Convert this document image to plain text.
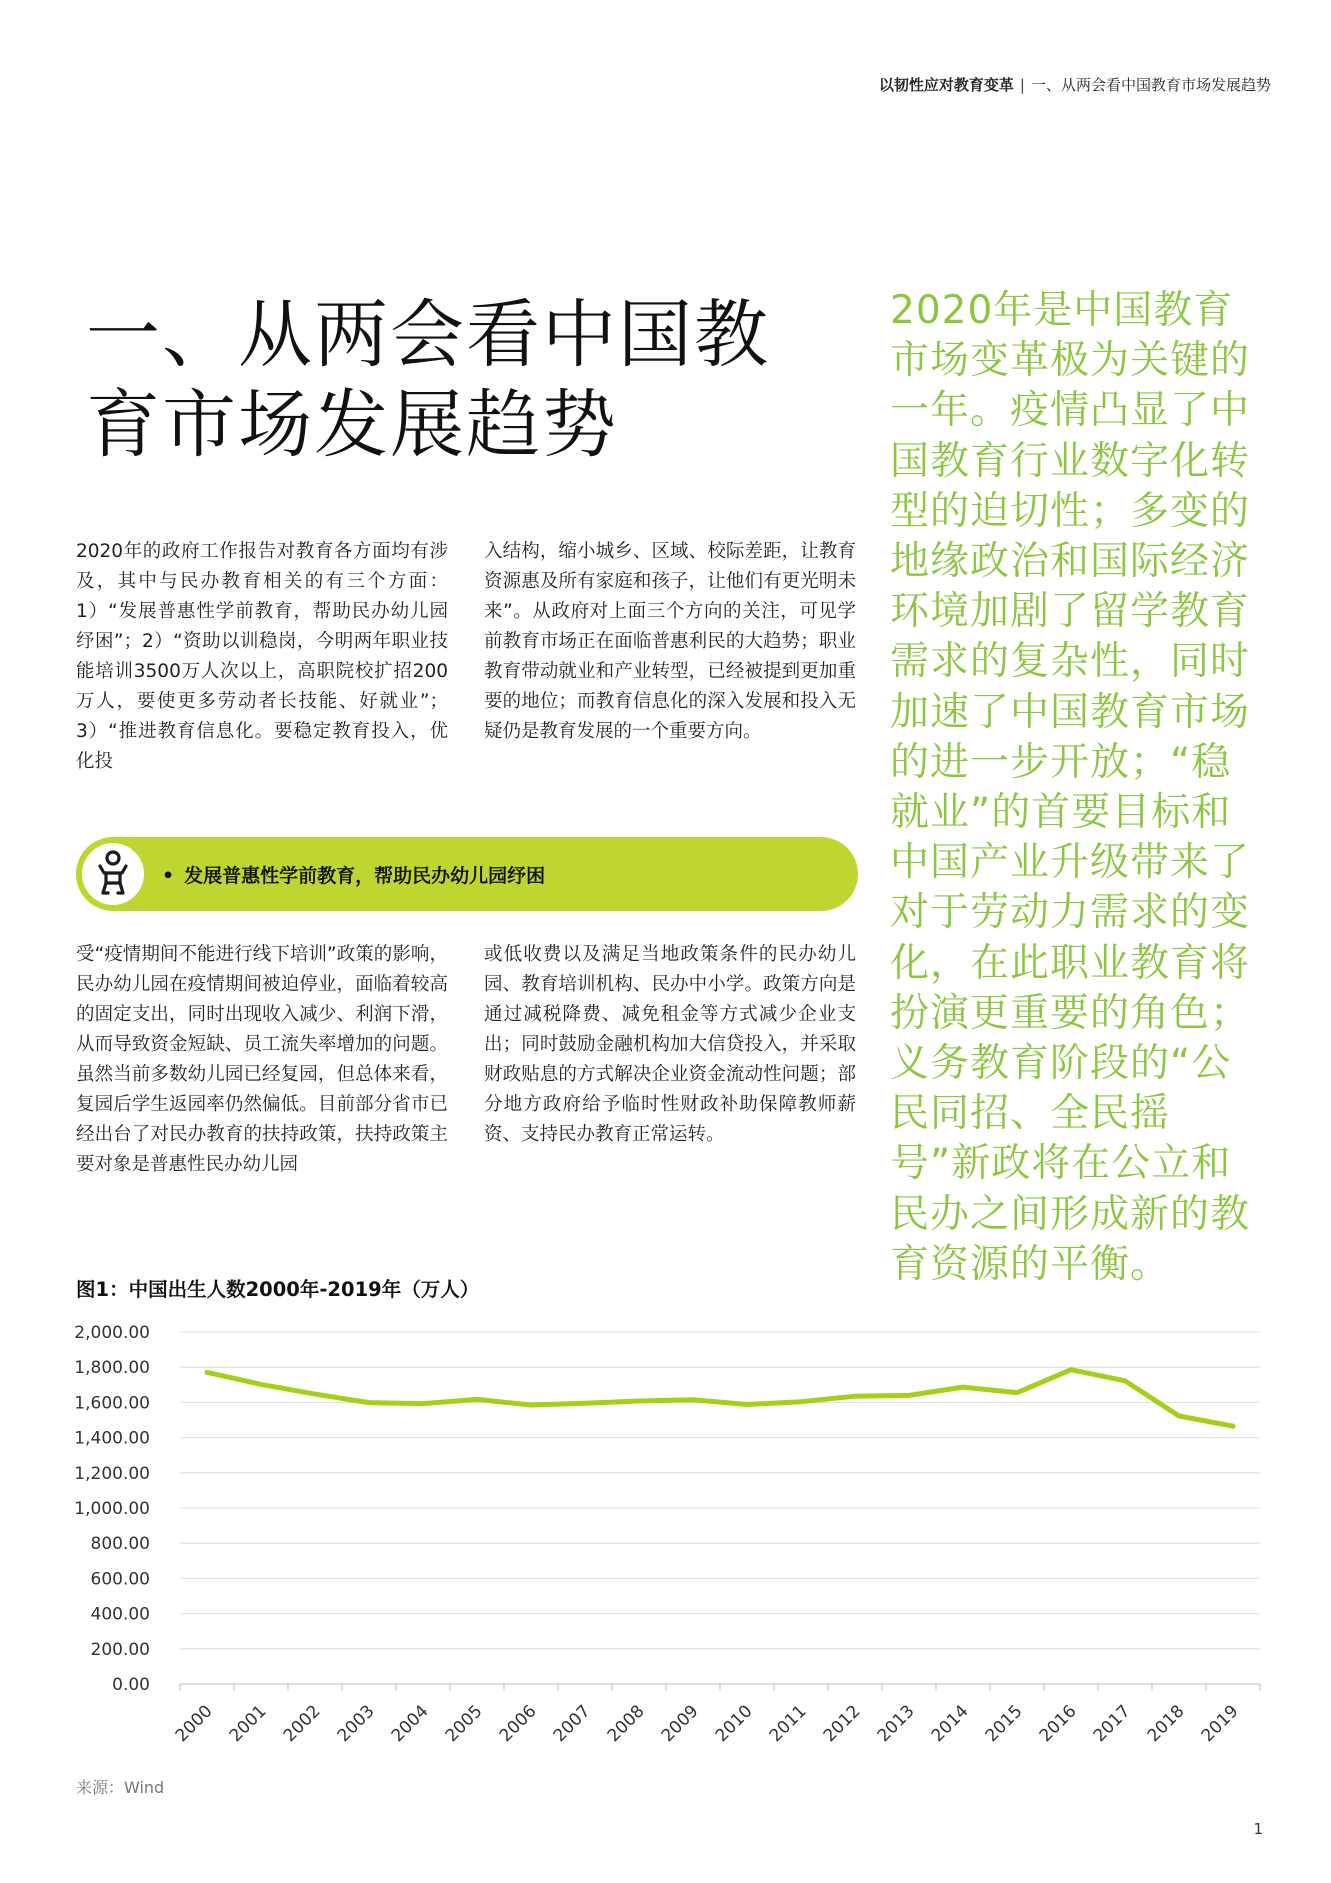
以韧性应对教育变革 | 一、从两会看中国教育市场发展趋势
一、从两会看中国教
育市场发展趋势

2020年是中国教育市场变革极为关键的一年。疫情凸显了中国教育行业数字化转型的迫切性；多变的地缘政治和国际经济环境加剧了留学教育需求的复杂性，同时加速了中国教育市场的进一步开放；“稳就业”的首要目标和中国产业升级带来了对于劳动力需求的变化，在此职业教育将扮演更重要的角色；义务教育阶段的“公民同招、全民摇号”新政将在公立和民办之间形成新的教育资源的平衡。

2020年的政府工作报告对教育各方面均有涉及，其中与民办教育相关的有三个方面：1）“发展普惠性学前教育，帮助民办幼儿园纾困”；2）“资助以训稳岗，今明两年职业技能培训3500万人次以上，高职院校扩招200万人，要使更多劳动者长技能、好就业”；3）“推进教育信息化。要稳定教育投入，优化投

入结构，缩小城乡、区域、校际差距，让教育资源惠及所有家庭和孩子，让他们有更光明未来”。从政府对上面三个方向的关注，可见学前教育市场正在面临普惠利民的大趋势；职业教育带动就业和产业转型，已经被提到更加重要的地位；而教育信息化的深入发展和投入无疑仍是教育发展的一个重要方向。

• 发展普惠性学前教育，帮助民办幼儿园纾困

受“疫情期间不能进行线下培训”政策的影响，民办幼儿园在疫情期间被迫停业，面临着较高的固定支出，同时出现收入减少、利润下滑，从而导致资金短缺、员工流失率增加的问题。虽然当前多数幼儿园已经复园，但总体来看，复园后学生返园率仍然偏低。目前部分省市已经出台了对民办教育的扶持政策，扶持政策主要对象是普惠性民办幼儿园

或低收费以及满足当地政策条件的民办幼儿园、教育培训机构、民办中小学。政策方向是通过减税降费、减免租金等方式减少企业支出；同时鼓励金融机构加大信贷投入，并采取财政贴息的方式解决企业资金流动性问题；部分地方政府给予临时性财政补助保障教师薪资、支持民办教育正常运转。

图1：中国出生人数2000年-2019年（万人）
0.00
200.00
400.00
600.00
800.00
1,000.00
1,200.00
1,400.00
1,600.00
1,800.00
2,000.00
2000 2001 2002 2003 2004 2005 2006 2007 2008 2009 2010 2011 2012 2013 2014 2015 2016 2017 2018 2019
来源：Wind
1
